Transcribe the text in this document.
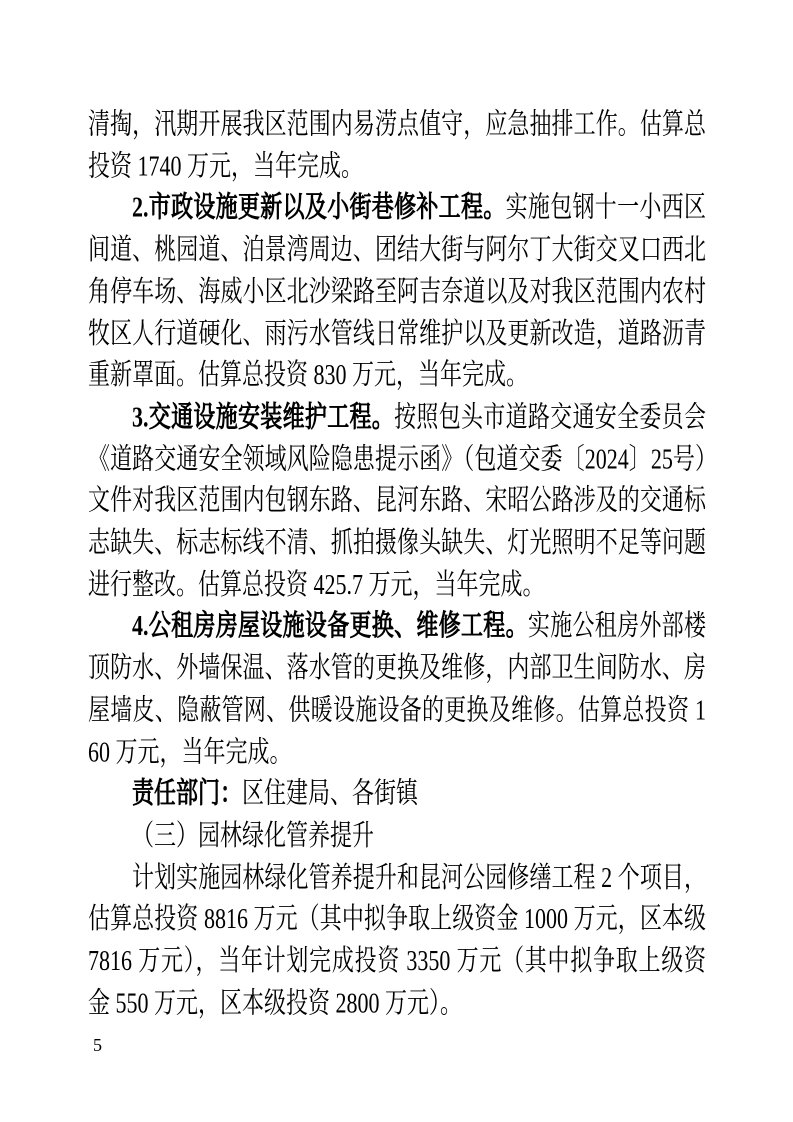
清掏，汛期开展我区范围内易涝点值守，应急抽排工作。估算总投资 1740 万元，当年完成。

2.市政设施更新以及小街巷修补工程。实施包钢十一小西区间道、桃园道、泊景湾周边、团结大街与阿尔丁大街交叉口西北角停车场、海威小区北沙梁路至阿吉奈道以及对我区范围内农村牧区人行道硬化、雨污水管线日常维护以及更新改造，道路沥青重新罩面。估算总投资 830 万元，当年完成。

3.交通设施安装维护工程。按照包头市道路交通安全委员会《道路交通安全领域风险隐患提示函》（包道交委〔2024〕25号）文件对我区范围内包钢东路、昆河东路、宋昭公路涉及的交通标志缺失、标志标线不清、抓拍摄像头缺失、灯光照明不足等问题进行整改。估算总投资 425.7 万元，当年完成。

4.公租房房屋设施设备更换、维修工程。实施公租房外部楼顶防水、外墙保温、落水管的更换及维修，内部卫生间防水、房屋墙皮、隐蔽管网、供暖设施设备的更换及维修。估算总投资 160 万元，当年完成。

责任部门：区住建局、各街镇

（三）园林绿化管养提升

计划实施园林绿化管养提升和昆河公园修缮工程 2 个项目，估算总投资 8816 万元（其中拟争取上级资金 1000 万元，区本级 7816 万元），当年计划完成投资 3350 万元（其中拟争取上级资金 550 万元，区本级投资 2800 万元）。

5
